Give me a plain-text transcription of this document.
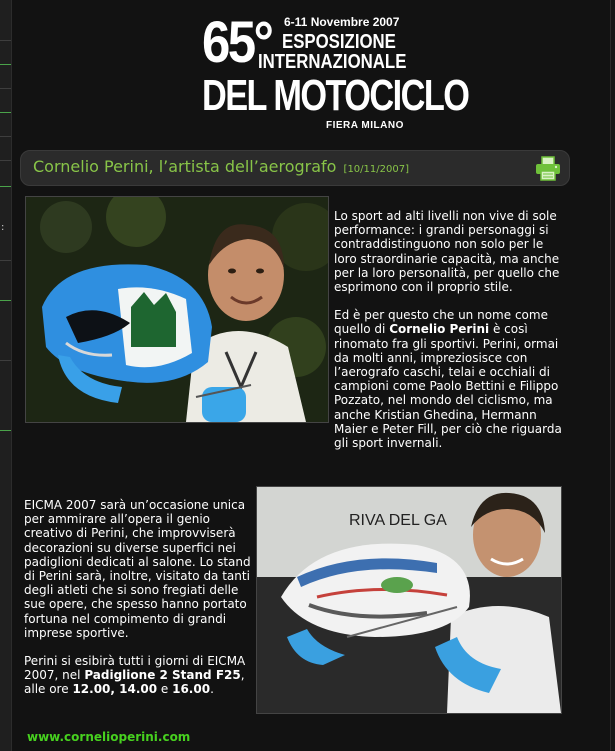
:
65° 6-11 Novembre 2007
ESPOSIZIONE
INTERNAZIONALE
DEL MOTOCICLO
FIERA MILANO
Cornelio Perini, l’artista dell’aerografo [10/11/2007]

Lo sport ad alti livelli non vive di sole performance: i grandi personaggi si contraddistinguono non solo per le loro straordinarie capacità, ma anche per la loro personalità, per quello che esprimono con il proprio stile.

Ed è per questo che un nome come quello di Cornelio Perini è così rinomato fra gli sportivi. Perini, ormai da molti anni, impreziosisce con l’aerografo caschi, telai e occhiali di campioni come Paolo Bettini e Filippo Pozzato, nel mondo del ciclismo, ma anche Kristian Ghedina, Hermann Maier e Peter Fill, per ciò che riguarda gli sport invernali.

EICMA 2007 sarà un’occasione unica per ammirare all’opera il genio creativo di Perini, che improvviserà decorazioni su diverse superfici nei padiglioni dedicati al salone. Lo stand di Perini sarà, inoltre, visitato da tanti degli atleti che si sono fregiati delle sue opere, che spesso hanno portato fortuna nel compimento di grandi imprese sportive.

Perini si esibirà tutti i giorni di EICMA 2007, nel Padiglione 2 Stand F25, alle ore 12.00, 14.00 e 16.00.

RIVA DEL GA
www.cornelioperini.com
